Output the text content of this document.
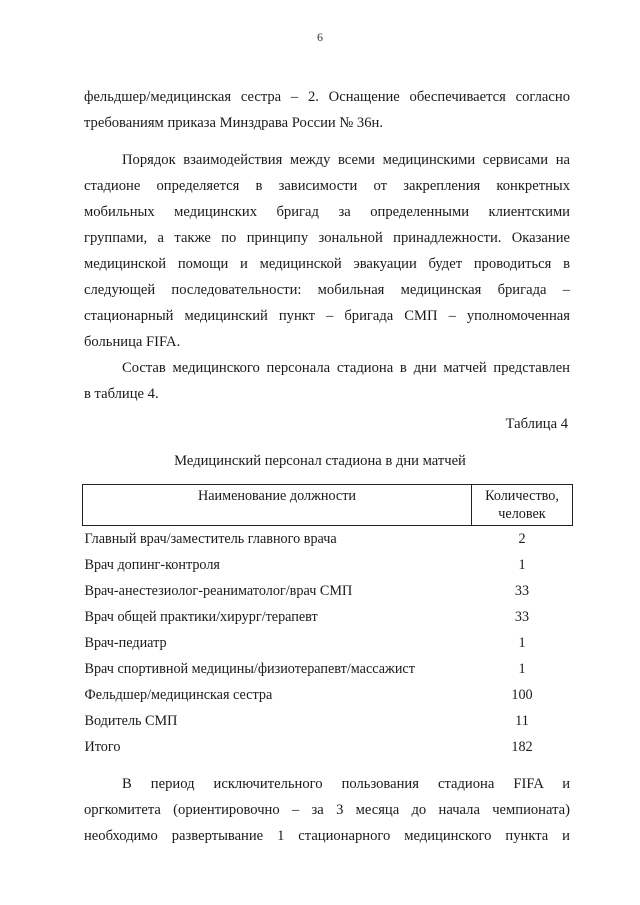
6
фельдшер/медицинская сестра – 2. Оснащение обеспечивается согласно
требованиям приказа Минздрава России № 36н.
Порядок взаимодействия между всеми медицинскими сервисами на
стадионе определяется в зависимости от закрепления конкретных
мобильных медицинских бригад за определенными клиентскими
группами, а также по принципу зональной принадлежности. Оказание
медицинской помощи и медицинской эвакуации будет проводиться в
следующей последовательности: мобильная медицинская бригада –
стационарный медицинский пункт – бригада СМП – уполномоченная
больница FIFA.
Состав медицинского персонала стадиона в дни матчей представлен
в таблице 4.
Таблица 4
Медицинский персонал стадиона в дни матчей
Наименование должности	Количество,
человек
Главный врач/заместитель главного врача	2
Врач допинг-контроля	1
Врач-анестезиолог-реаниматолог/врач СМП	33
Врач общей практики/хирург/терапевт	33
Врач-педиатр	1
Врач спортивной медицины/физиотерапевт/массажист	1
Фельдшер/медицинская сестра	100
Водитель СМП	11
Итого	182
В период исключительного пользования стадиона FIFA и
оргкомитета (ориентировочно – за 3 месяца до начала чемпионата)
необходимо развертывание 1 стационарного медицинского пункта и
